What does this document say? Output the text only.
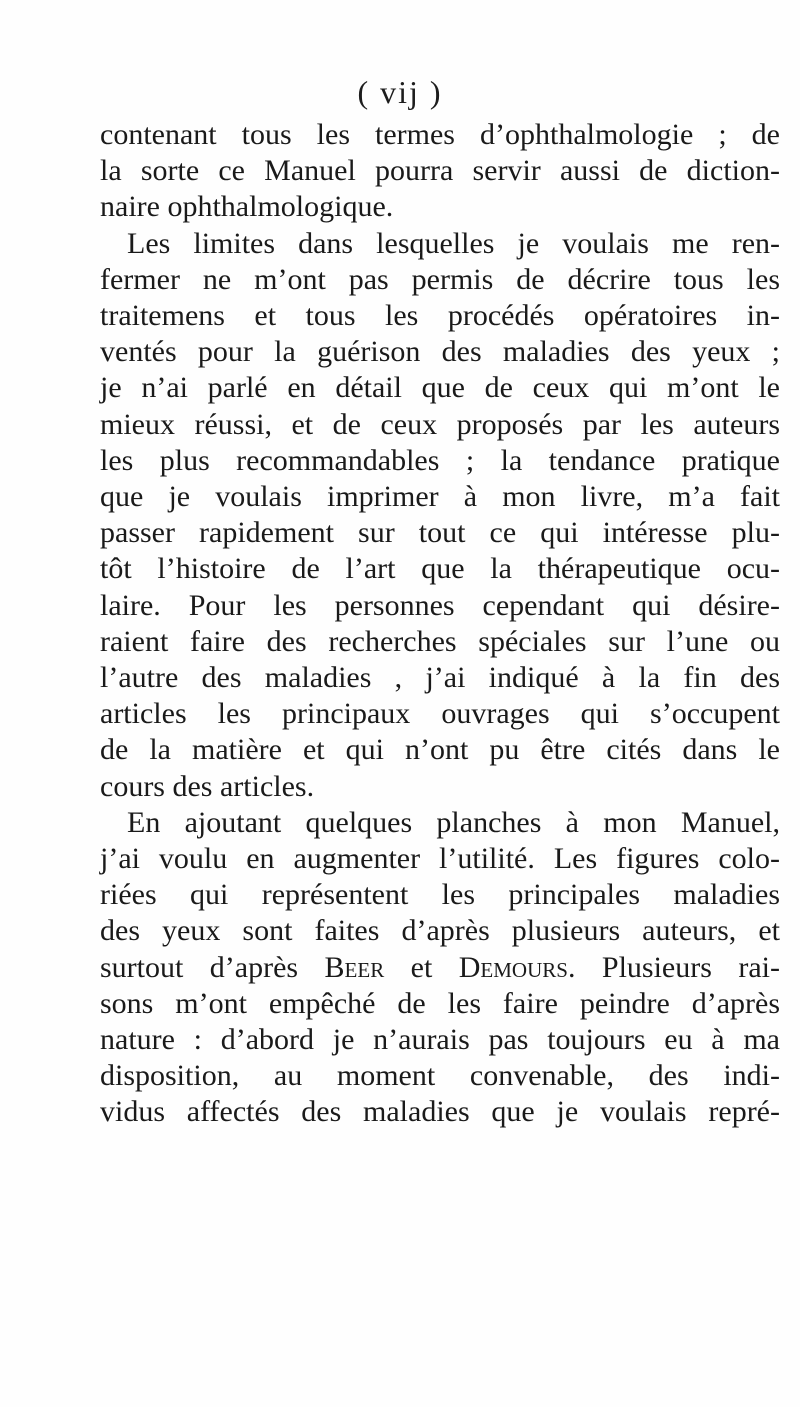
( vij )
contenant tous les termes d’ophthalmologie ; de
la sorte ce Manuel pourra servir aussi de diction-
naire ophthalmologique.
Les limites dans lesquelles je voulais me ren-
fermer ne m’ont pas permis de décrire tous les
traitemens et tous les procédés opératoires in-
ventés pour la guérison des maladies des yeux ;
je n’ai parlé en détail que de ceux qui m’ont le
mieux réussi, et de ceux proposés par les auteurs
les plus recommandables ; la tendance pratique
que je voulais imprimer à mon livre, m’a fait
passer rapidement sur tout ce qui intéresse plu-
tôt l’histoire de l’art que la thérapeutique ocu-
laire. Pour les personnes cependant qui désire-
raient faire des recherches spéciales sur l’une ou
l’autre des maladies , j’ai indiqué à la fin des
articles les principaux ouvrages qui s’occupent
de la matière et qui n’ont pu être cités dans le
cours des articles.
En ajoutant quelques planches à mon Manuel,
j’ai voulu en augmenter l’utilité. Les figures colo-
riées qui représentent les principales maladies
des yeux sont faites d’après plusieurs auteurs, et
surtout d’après Beer et Demours. Plusieurs rai-
sons m’ont empêché de les faire peindre d’après
nature : d’abord je n’aurais pas toujours eu à ma
disposition, au moment convenable, des indi-
vidus affectés des maladies que je voulais repré-
